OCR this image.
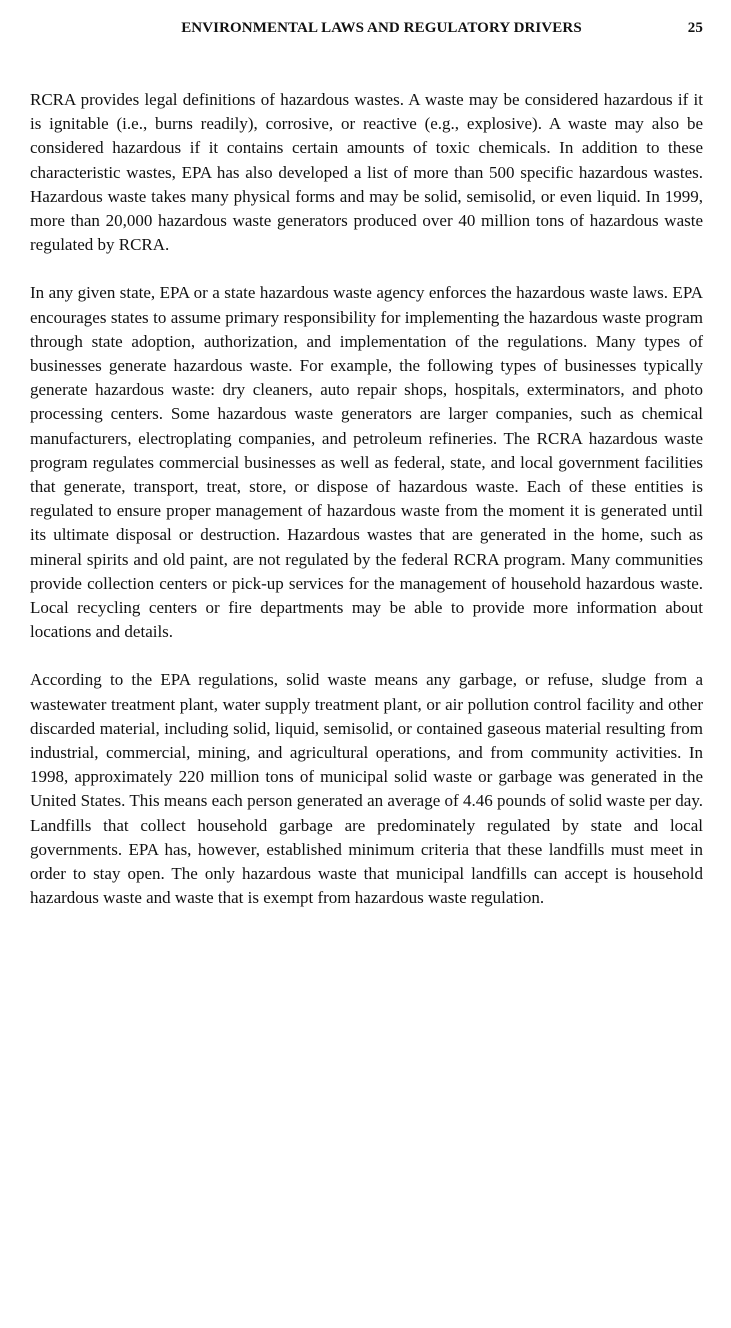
ENVIRONMENTAL LAWS AND REGULATORY DRIVERS	25

RCRA provides legal definitions of hazardous wastes. A waste may be considered hazardous if it is ignitable (i.e., burns readily), corrosive, or reactive (e.g., explosive). A waste may also be considered hazardous if it contains certain amounts of toxic chemicals. In addition to these characteristic wastes, EPA has also developed a list of more than 500 specific hazardous wastes. Hazardous waste takes many physical forms and may be solid, semisolid, or even liquid. In 1999, more than 20,000 hazardous waste generators produced over 40 million tons of hazardous waste regulated by RCRA.

In any given state, EPA or a state hazardous waste agency enforces the hazardous waste laws. EPA encourages states to assume primary responsibility for implementing the hazardous waste program through state adoption, authorization, and implementation of the regulations. Many types of businesses generate hazardous waste. For example, the following types of businesses typically generate hazardous waste: dry cleaners, auto repair shops, hospitals, exterminators, and photo processing centers. Some hazardous waste generators are larger companies, such as chemical manufacturers, electroplating companies, and petroleum refineries. The RCRA hazardous waste program regulates commercial businesses as well as federal, state, and local government facilities that generate, transport, treat, store, or dispose of hazardous waste. Each of these entities is regulated to ensure proper management of hazardous waste from the moment it is generated until its ultimate disposal or destruction. Hazardous wastes that are generated in the home, such as mineral spirits and old paint, are not regulated by the federal RCRA program. Many communities provide collection centers or pick-up services for the management of household hazardous waste. Local recycling centers or fire departments may be able to provide more information about locations and details.

According to the EPA regulations, solid waste means any garbage, or refuse, sludge from a wastewater treatment plant, water supply treatment plant, or air pollution control facility and other discarded material, including solid, liquid, semisolid, or contained gaseous material resulting from industrial, commercial, mining, and agricultural operations, and from community activities. In 1998, approximately 220 million tons of municipal solid waste or garbage was generated in the United States. This means each person generated an average of 4.46 pounds of solid waste per day. Landfills that collect household garbage are predominately regulated by state and local governments. EPA has, however, established minimum criteria that these landfills must meet in order to stay open. The only hazardous waste that municipal landfills can accept is household hazardous waste and waste that is exempt from hazardous waste regulation.
